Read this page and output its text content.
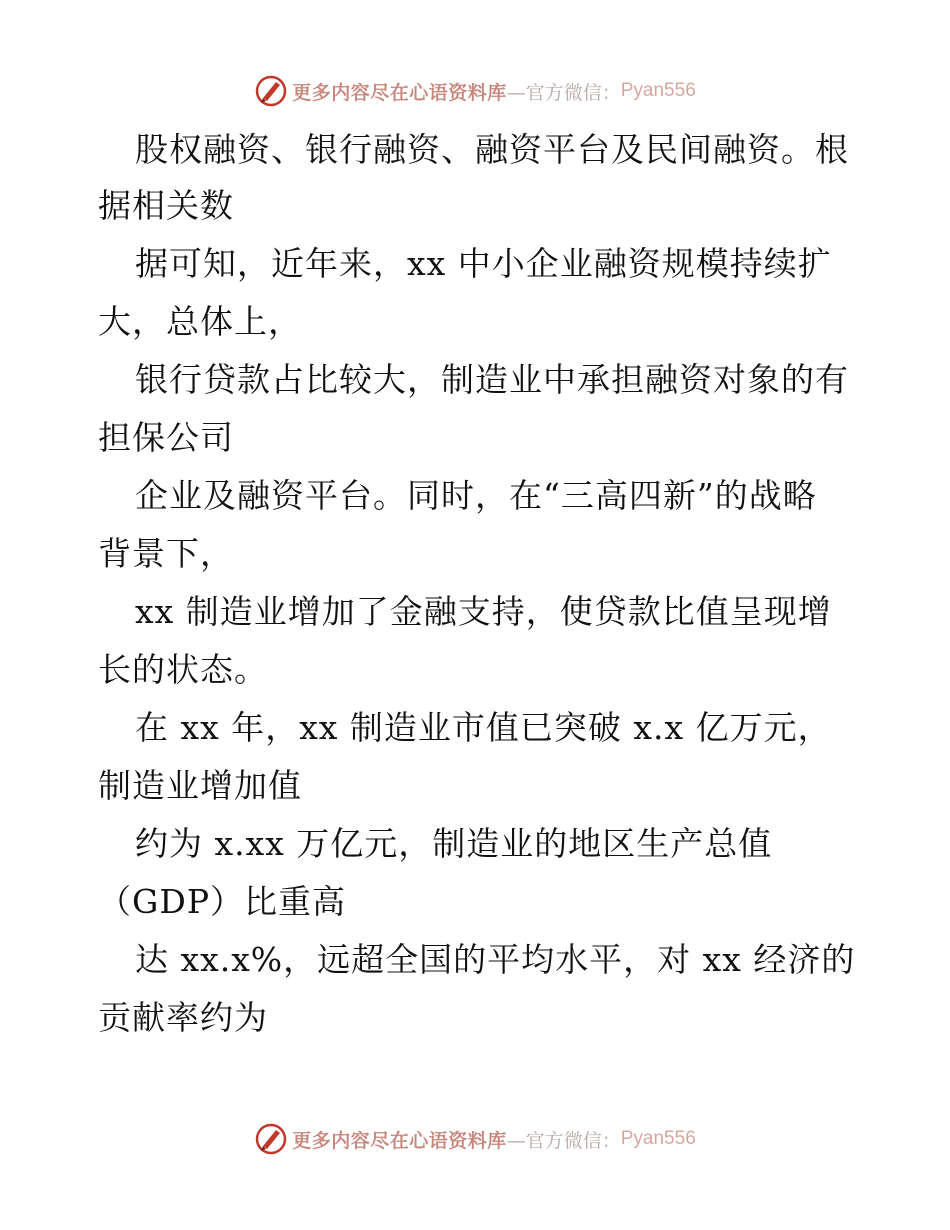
更多内容尽在心语资料库 —官方微信： Pyan556
股权融资、银行融资、融资平台及民间融资。根
据相关数
据可知，近年来，xx 中小企业融资规模持续扩
大，总体上，
银行贷款占比较大，制造业中承担融资对象的有
担保公司
企业及融资平台。同时，在“三高四新”的战略
背景下，
xx 制造业增加了金融支持，使贷款比值呈现增
长的状态。
在 xx 年，xx 制造业市值已突破 x.x 亿万元，
制造业增加值
约为 x.xx 万亿元，制造业的地区生产总值
（GDP）比重高
达 xx.x%，远超全国的平均水平，对 xx 经济的
贡献率约为
更多内容尽在心语资料库 —官方微信： Pyan556
